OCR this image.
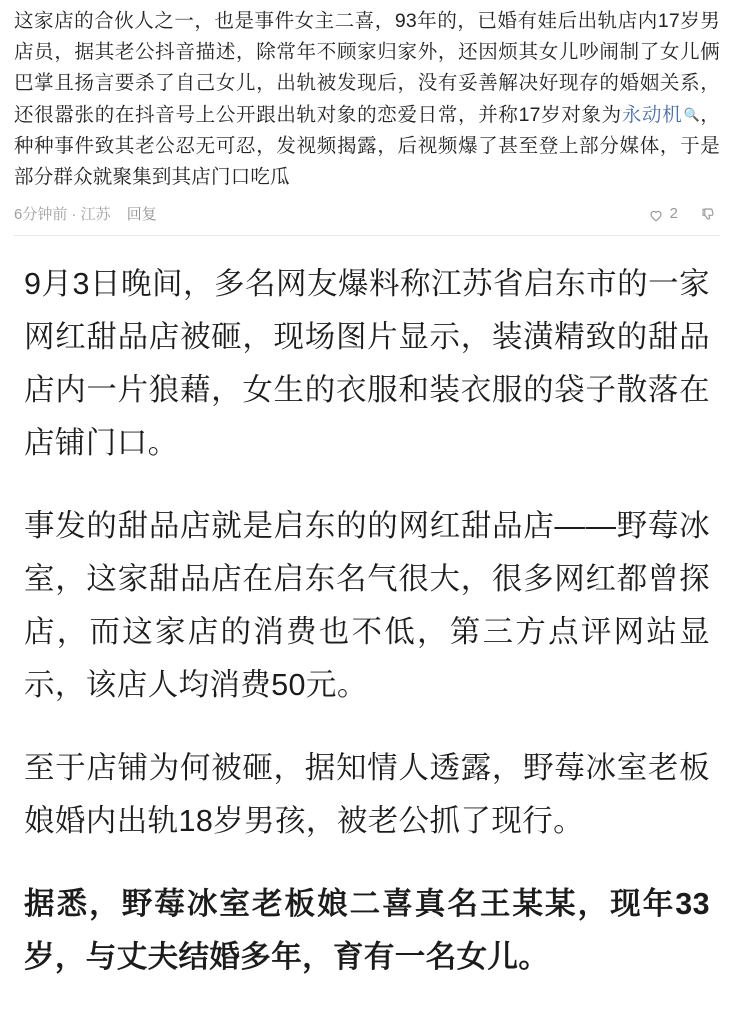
这家店的合伙人之一，也是事件女主二喜，93年的，已婚有娃后出轨店内17岁男店员，据其老公抖音描述，除常年不顾家归家外，还因烦其女儿吵闹制了女儿俩巴掌且扬言要杀了自己女儿，出轨被发现后，没有妥善解决好现存的婚姻关系，还很嚣张的在抖音号上公开跟出轨对象的恋爱日常，并称17岁对象为永动机🔍，种种事件致其老公忍无可忍，发视频揭露，后视频爆了甚至登上部分媒体，于是部分群众就聚集到其店门口吃瓜
6分钟前 · 江苏 回复	2

9月3日晚间，多名网友爆料称江苏省启东市的一家网红甜品店被砸，现场图片显示，装潢精致的甜品店内一片狼藉，女生的衣服和装衣服的袋子散落在店铺门口。

事发的甜品店就是启东的的网红甜品店——野莓冰室，这家甜品店在启东名气很大，很多网红都曾探店，而这家店的消费也不低，第三方点评网站显示，该店人均消费50元。

至于店铺为何被砸，据知情人透露，野莓冰室老板娘婚内出轨18岁男孩，被老公抓了现行。

据悉，野莓冰室老板娘二喜真名王某某，现年33岁，与丈夫结婚多年，育有一名女儿。
